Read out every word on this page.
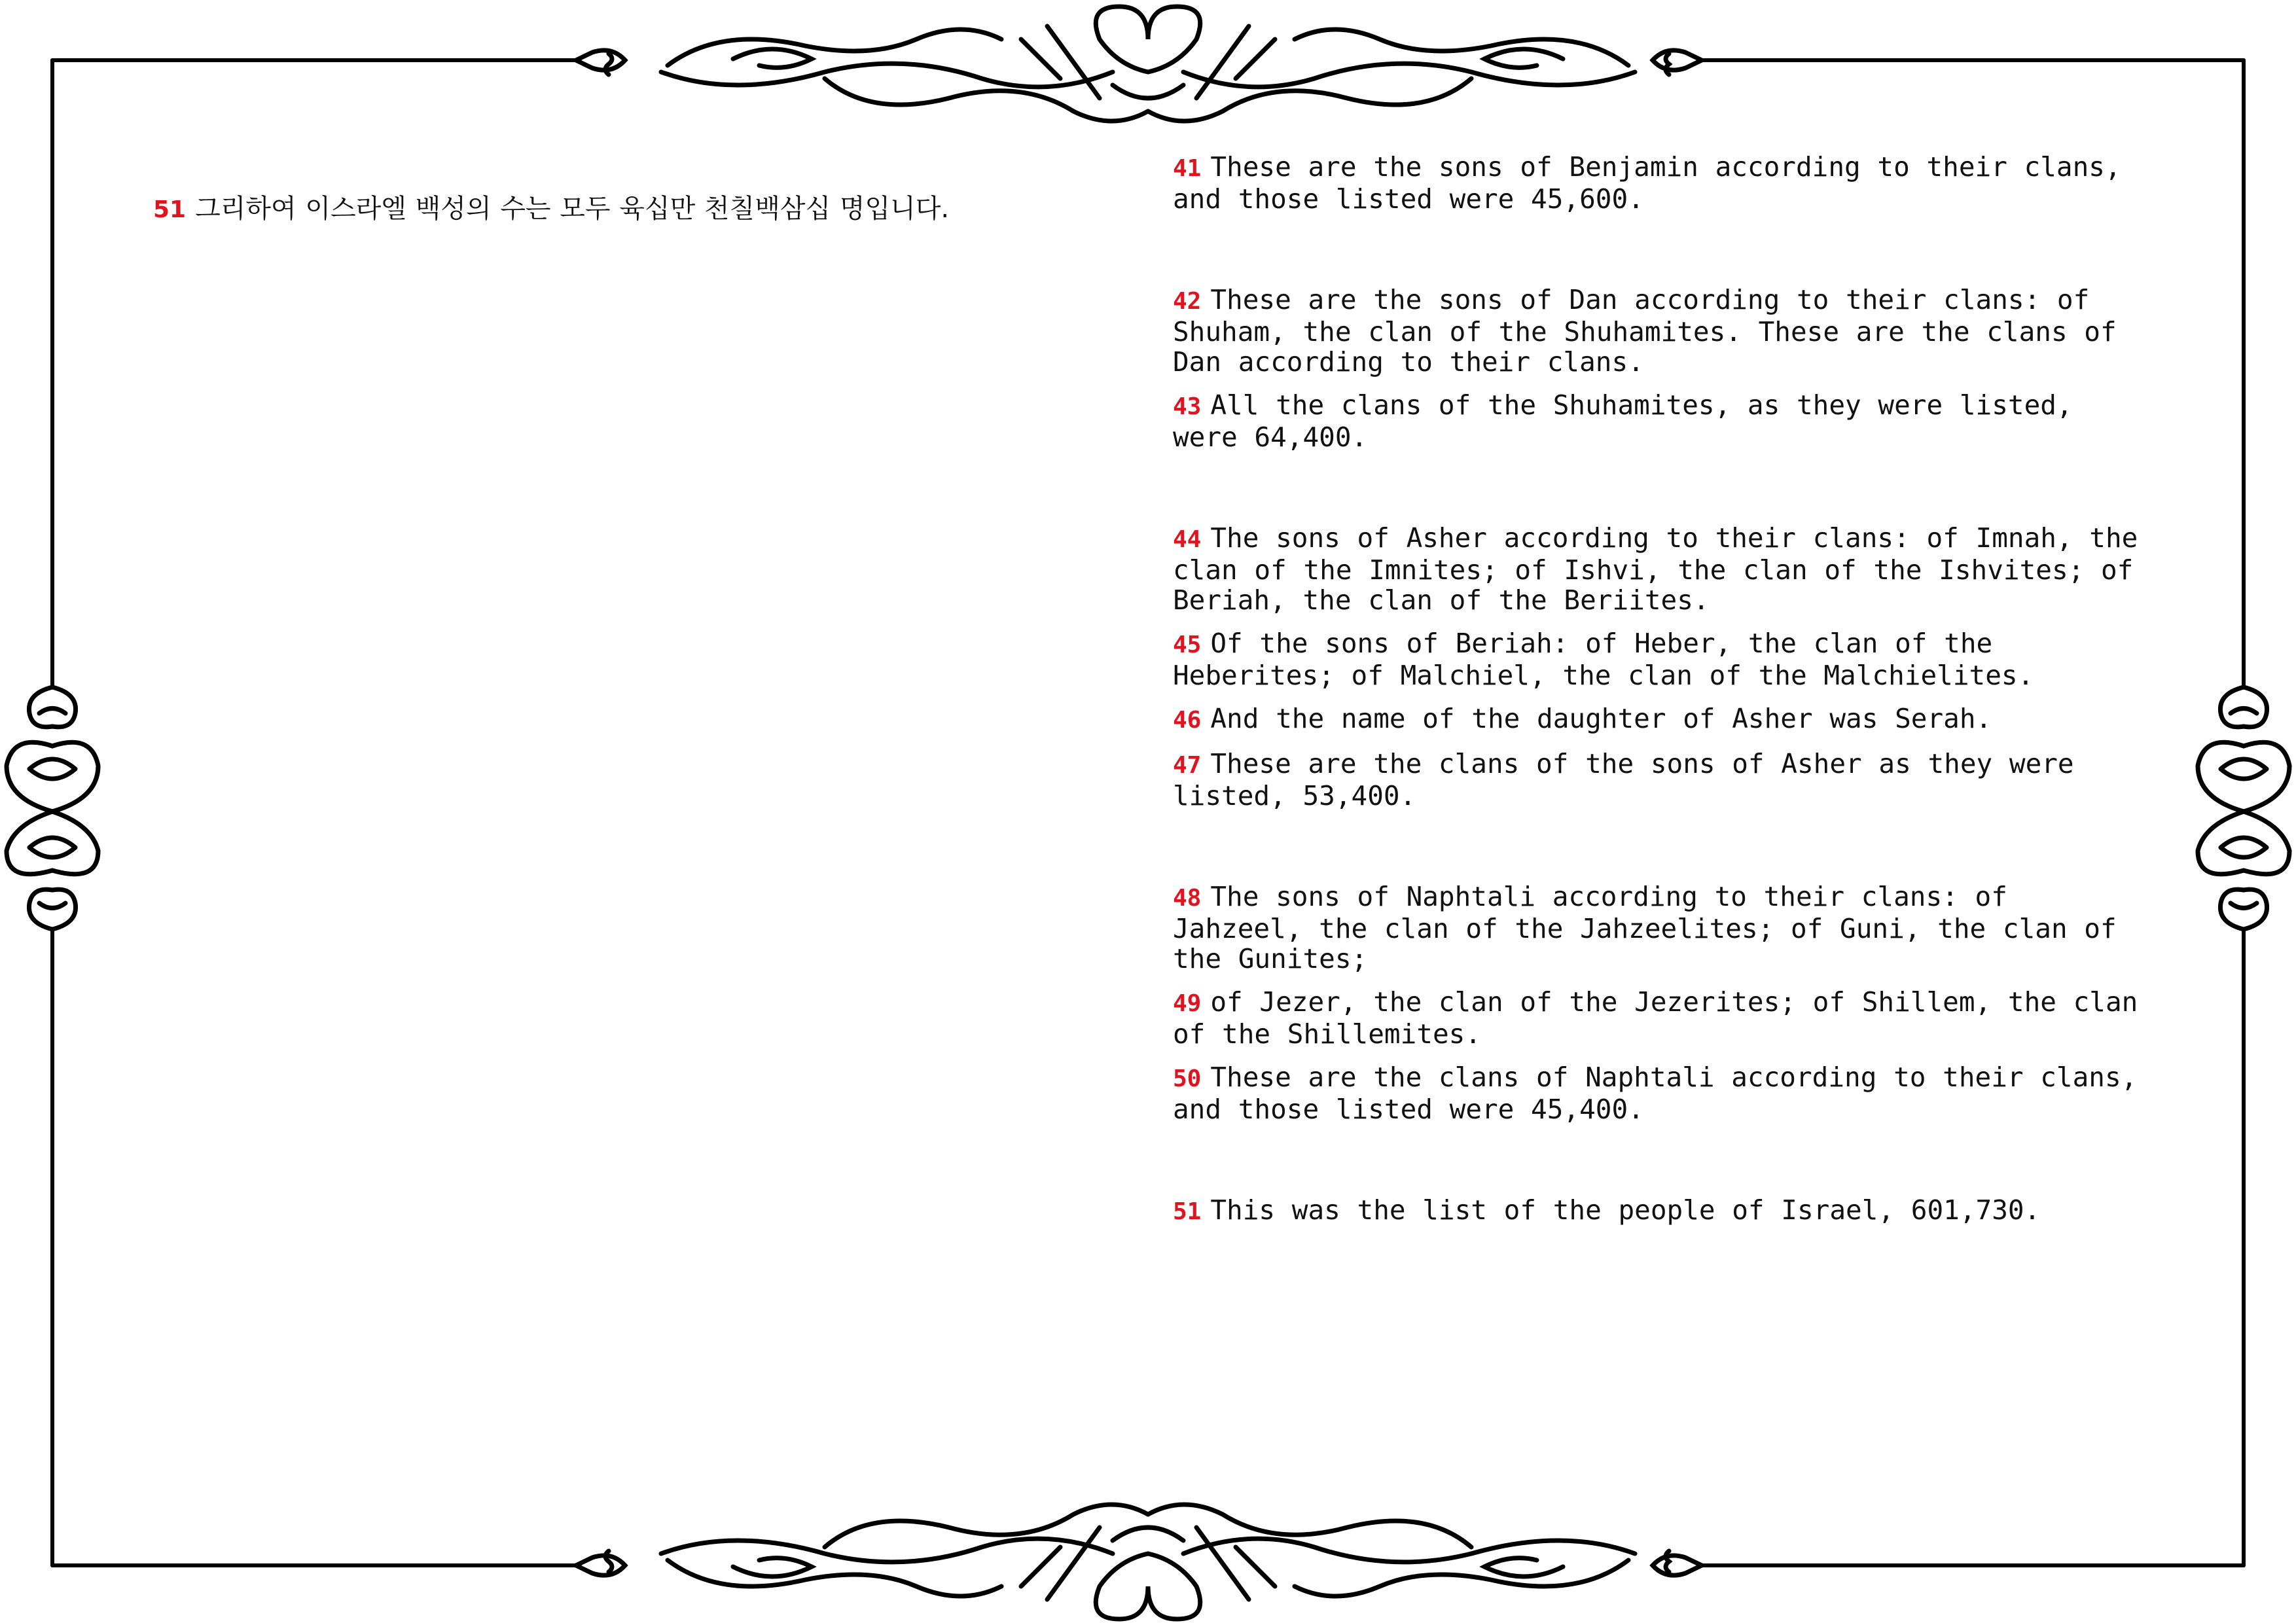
51 그리하여 이스라엘 백성의 수는 모두 육십만 천칠백삼십 명입니다.

41 These are the sons of Benjamin according to their clans, and those listed were 45,600.

42 These are the sons of Dan according to their clans: of Shuham, the clan of the Shuhamites. These are the clans of Dan according to their clans.

43 All the clans of the Shuhamites, as they were listed, were 64,400.

44 The sons of Asher according to their clans: of Imnah, the clan of the Imnites; of Ishvi, the clan of the Ishvites; of Beriah, the clan of the Beriites.

45 Of the sons of Beriah: of Heber, the clan of the Heberites; of Malchiel, the clan of the Malchielites.

46 And the name of the daughter of Asher was Serah.

47 These are the clans of the sons of Asher as they were listed, 53,400.

48 The sons of Naphtali according to their clans: of Jahzeel, the clan of the Jahzeelites; of Guni, the clan of the Gunites;

49 of Jezer, the clan of the Jezerites; of Shillem, the clan of the Shillemites.

50 These are the clans of Naphtali according to their clans, and those listed were 45,400.

51 This was the list of the people of Israel, 601,730.
